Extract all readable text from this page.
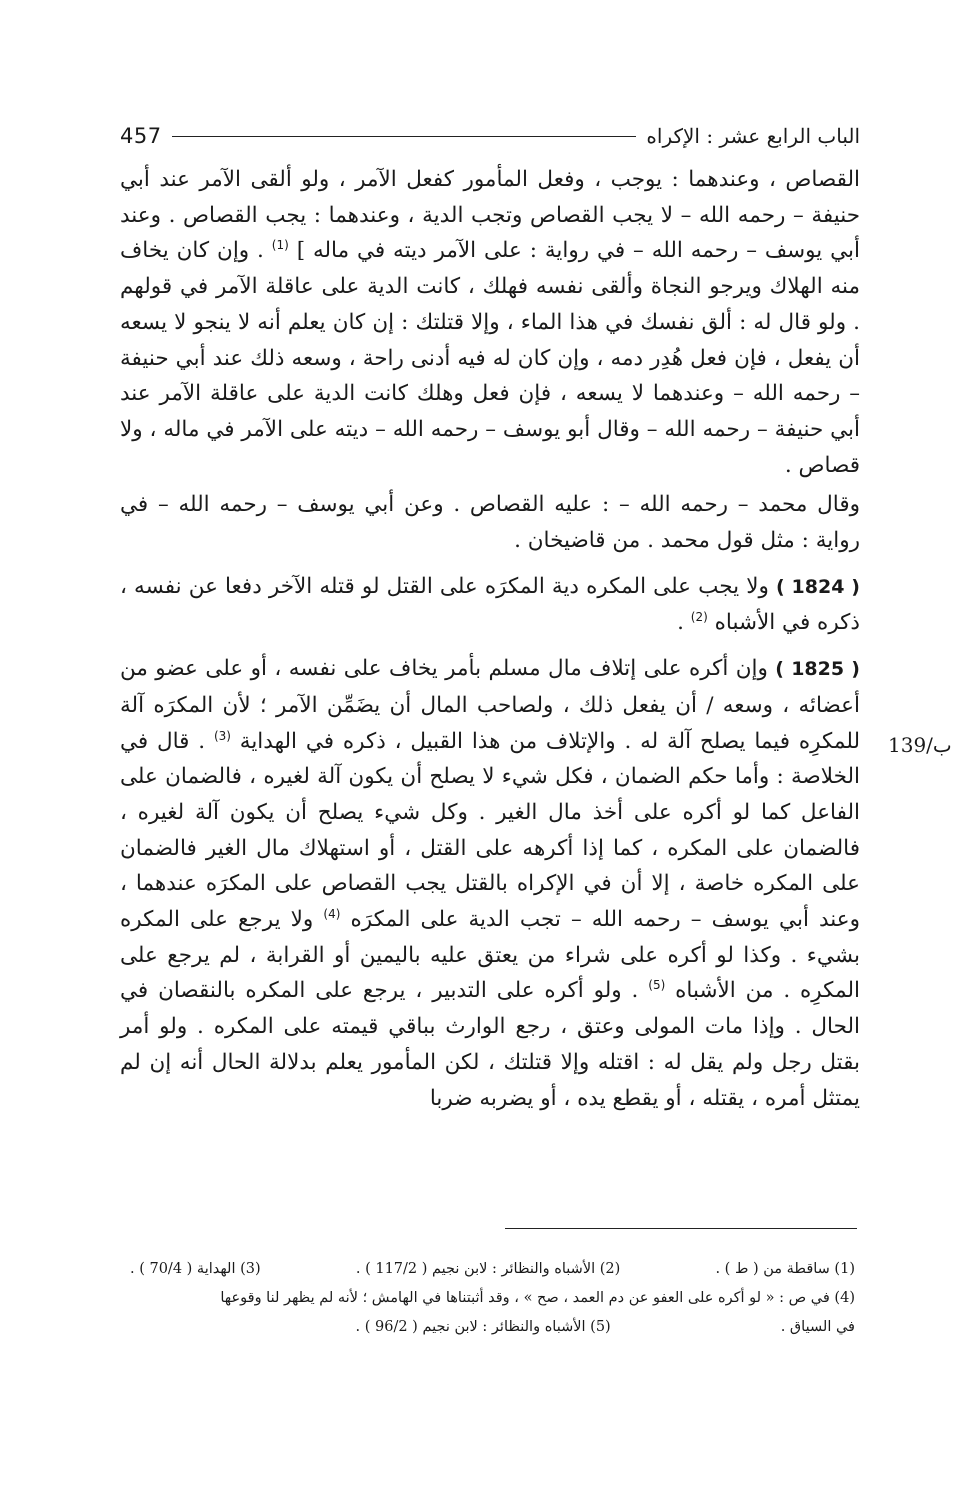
457	الباب الرابع عشر : الإكراه
139/ب

القصاص ، وعندهما : يوجب ، وفعل المأمور كفعل الآمر ، ولو ألقى الآمر عند أبي حنيفة – رحمه الله – لا يجب القصاص وتجب الدية ، وعندهما : يجب القصاص . وعند أبي يوسف – رحمه الله – في رواية : على الآمر ديته في ماله ] $^{(1)}$ . وإن كان يخاف منه الهلاك ويرجو النجاة وألقى نفسه فهلك ، كانت الدية على عاقلة الآمر في قولهم . ولو قال له : ألق نفسك في هذا الماء ، وإلا قتلتك : إن كان يعلم أنه لا ينجو لا يسعه أن يفعل ، فإن فعل هُدِر دمه ، وإن كان له فيه أدنى راحة ، وسعه ذلك عند أبي حنيفة – رحمه الله – وعندهما لا يسعه ، فإن فعل وهلك كانت الدية على عاقلة الآمر عند أبي حنيفة – رحمه الله – وقال أبو يوسف – رحمه الله – ديته على الآمر في ماله ، ولا قصاص .

وقال محمد – رحمه الله – : عليه القصاص . وعن أبي يوسف – رحمه الله – في رواية : مثل قول محمد . من قاضيخان .

( 1824 ) ولا يجب على المكره دية المكرَه على القتل لو قتله الآخر دفعا عن نفسه ، ذكره في الأشباه $^{(2)}$ .

( 1825 ) وإن أكره على إتلاف مال مسلم بأمر يخاف على نفسه ، أو على عضو من أعضائه ، وسعه / أن يفعل ذلك ، ولصاحب المال أن يضَمِّن الآمر ؛ لأن المكرَه آلة للمكرِه فيما يصلح آلة له . والإتلاف من هذا القبيل ، ذكره في الهداية $^{(3)}$ . قال في الخلاصة : وأما حكم الضمان ، فكل شيء لا يصلح أن يكون آلة لغيره ، فالضمان على الفاعل كما لو أكره على أخذ مال الغير . وكل شيء يصلح أن يكون آلة لغيره ، فالضمان على المكره ، كما إذا أكرهه على القتل ، أو استهلاك مال الغير فالضمان على المكره خاصة ، إلا أن في الإكراه بالقتل يجب القصاص على المكرَه عندهما ، وعند أبي يوسف – رحمه الله – تجب الدية على المكرَه $^{(4)}$ ولا يرجع على المكره بشيء . وكذا لو أكره على شراء من يعتق عليه باليمين أو القرابة ، لم يرجع على المكرِه . من الأشباه $^{(5)}$ . ولو أكره على التدبير ، يرجع على المكره بالنقصان في الحال . وإذا مات المولى وعتق ، رجع الوارث بباقي قيمته على المكره . ولو أمر بقتل رجل ولم يقل له : اقتله وإلا قتلتك ، لكن المأمور يعلم بدلالة الحال أنه إن لم يمتثل أمره ، يقتله ، أو يقطع يده ، أو يضربه ضربا

(1) ساقطة من ( ط ) .
(2) الأشباه والنظائر : لابن نجيم ( 117/2 ) .
(3) الهداية ( 70/4 ) .
(4) في ص : « لو أكره على العفو عن دم العمد ، صح » ، وقد أثبتناها في الهامش ؛ لأنه لم يظهر لنا وقوعها
في السياق .
(5) الأشباه والنظائر : لابن نجيم ( 96/2 ) .
